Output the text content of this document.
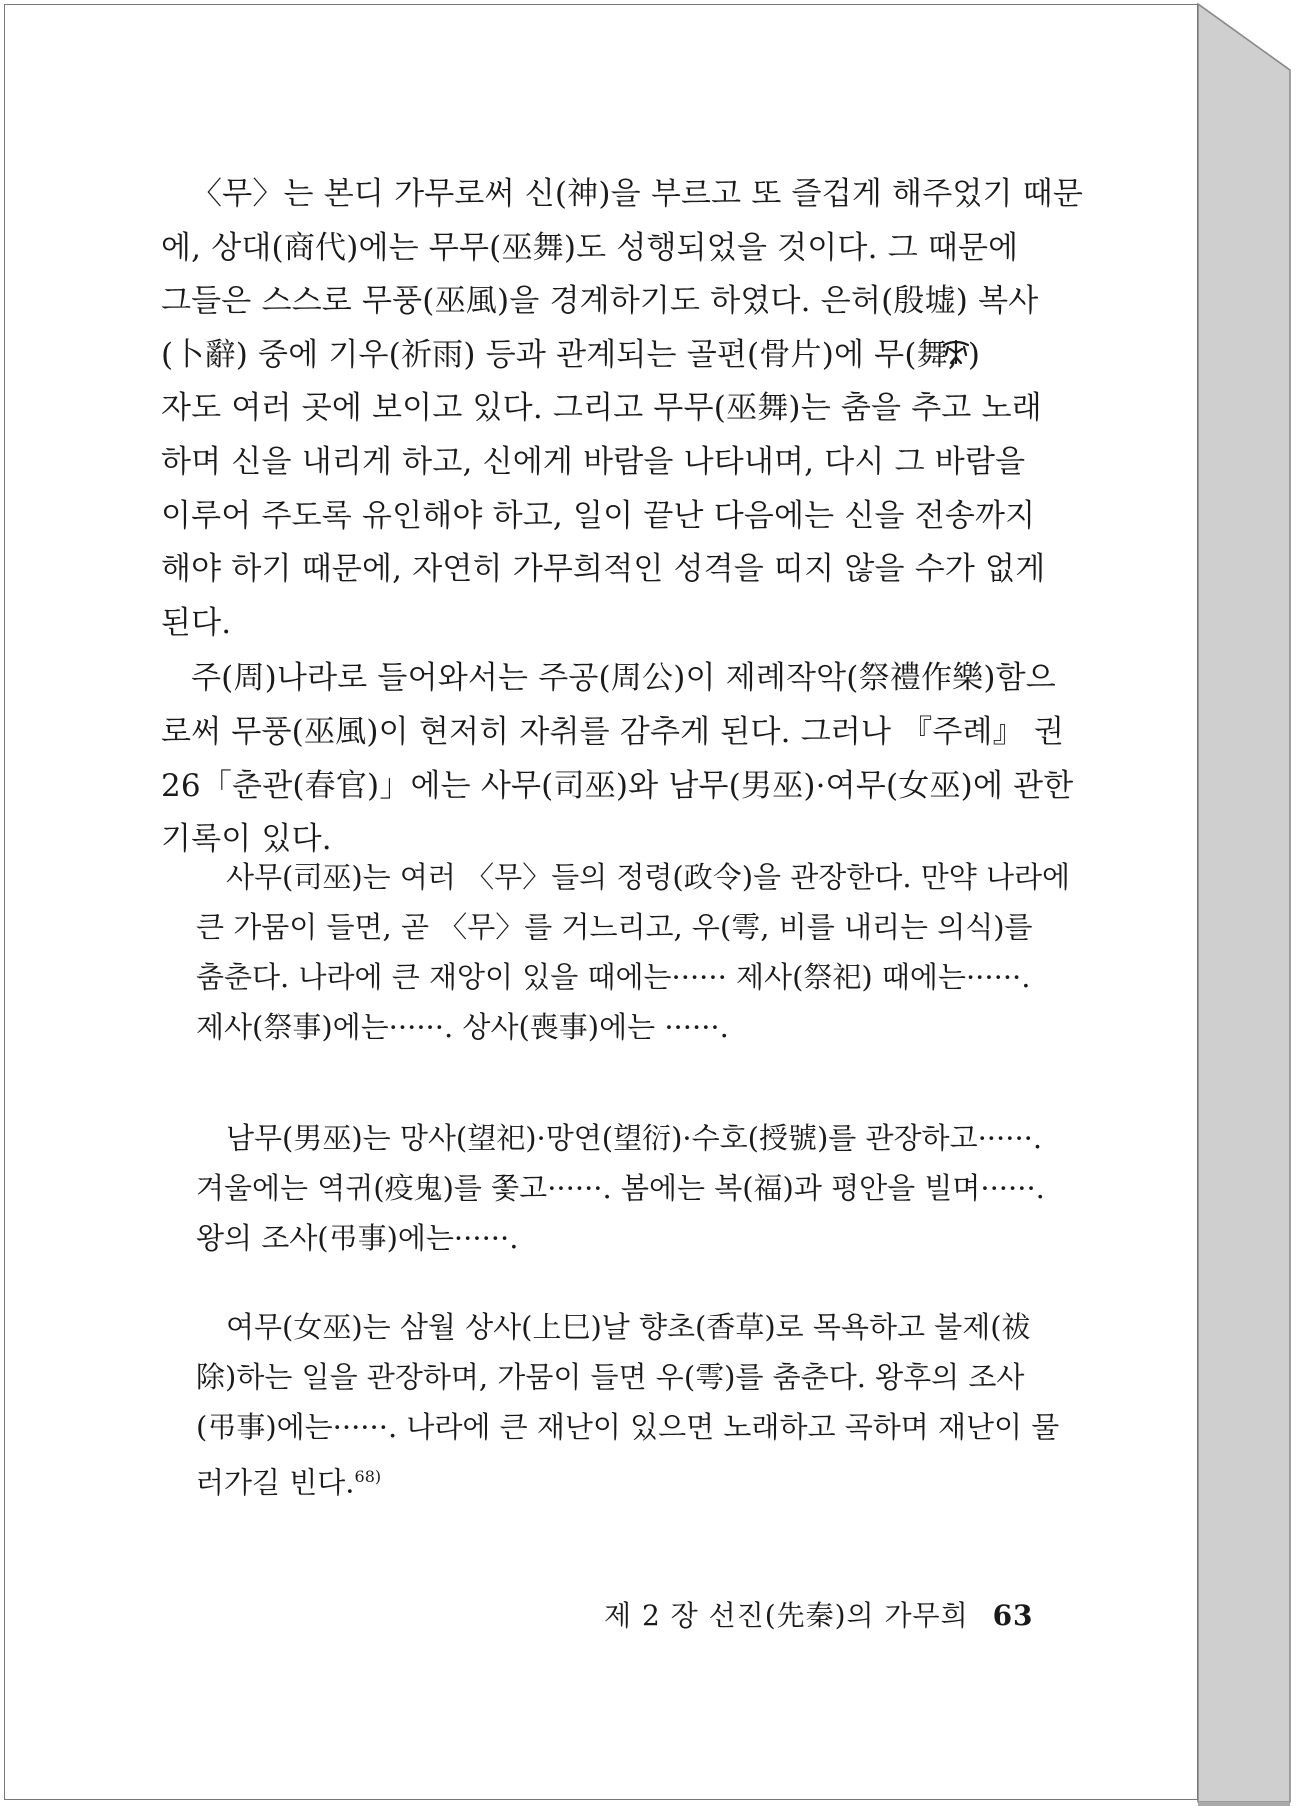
〈무〉는 본디 가무로써 신(神)을 부르고 또 즐겁게 해주었기 때문
에, 상대(商代)에는 무무(巫舞)도 성행되었을 것이다. 그 때문에
그들은 스스로 무풍(巫風)을 경계하기도 하였다. 은허(殷墟) 복사
(卜辭) 중에 기우(祈雨) 등과 관계되는 골편(骨片)에 무(舞, )
자도 여러 곳에 보이고 있다. 그리고 무무(巫舞)는 춤을 추고 노래
하며 신을 내리게 하고, 신에게 바람을 나타내며, 다시 그 바람을
이루어 주도록 유인해야 하고, 일이 끝난 다음에는 신을 전송까지
해야 하기 때문에, 자연히 가무희적인 성격을 띠지 않을 수가 없게
된다.
주(周)나라로 들어와서는 주공(周公)이 제례작악(祭禮作樂)함으
로써 무풍(巫風)이 현저히 자취를 감추게 된다. 그러나 『주례』 권
26「춘관(春官)」에는 사무(司巫)와 남무(男巫)·여무(女巫)에 관한
기록이 있다.
사무(司巫)는 여러 〈무〉들의 정령(政令)을 관장한다. 만약 나라에
큰 가뭄이 들면, 곧 〈무〉를 거느리고, 우(雩, 비를 내리는 의식)를
춤춘다. 나라에 큰 재앙이 있을 때에는······ 제사(祭祀) 때에는······.
제사(祭事)에는······. 상사(喪事)에는 ······.
남무(男巫)는 망사(望祀)·망연(望衍)·수호(授號)를 관장하고······.
겨울에는 역귀(疫鬼)를 쫓고······. 봄에는 복(福)과 평안을 빌며······.
왕의 조사(弔事)에는······.
여무(女巫)는 삼월 상사(上巳)날 향초(香草)로 목욕하고 불제(祓
除)하는 일을 관장하며, 가뭄이 들면 우(雩)를 춤춘다. 왕후의 조사
(弔事)에는······. 나라에 큰 재난이 있으면 노래하고 곡하며 재난이 물
러가길 빈다.$^{68)}$
제 2 장 선진(先秦)의 가무희 63
